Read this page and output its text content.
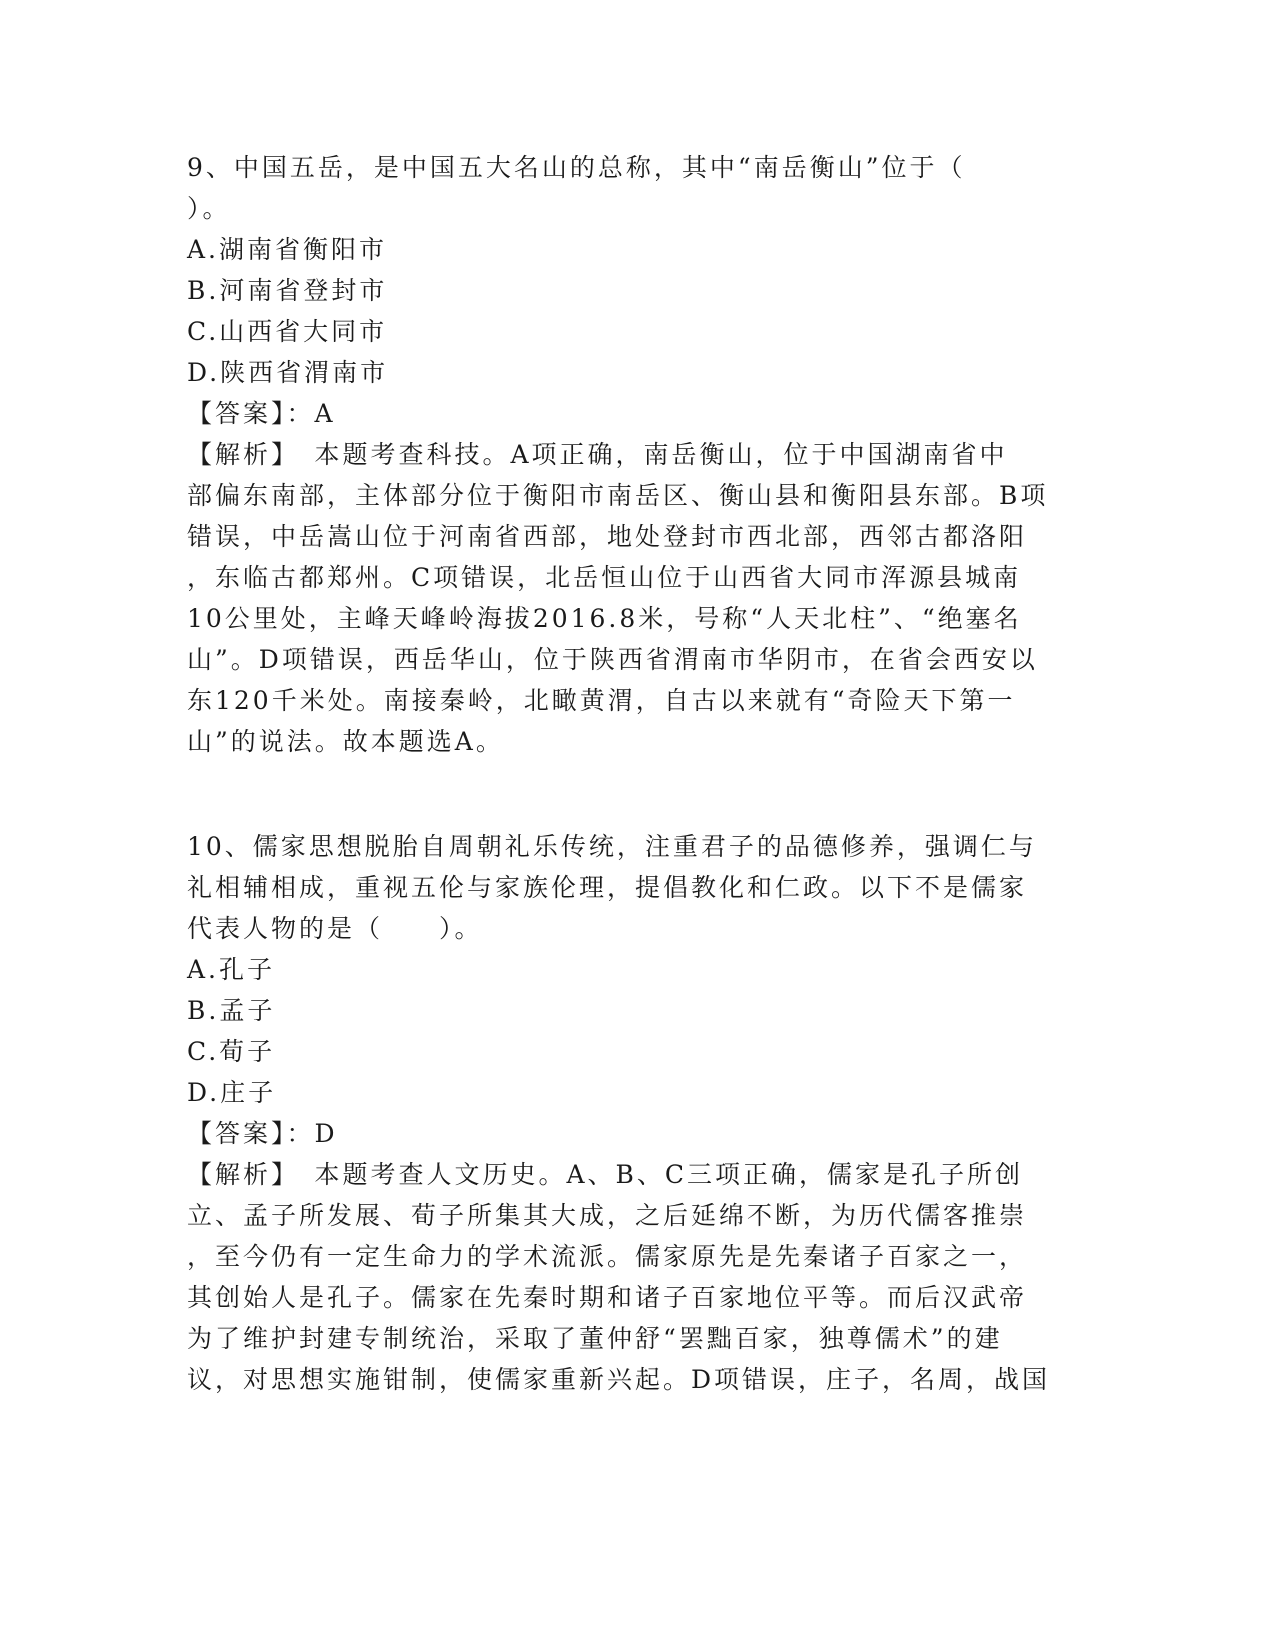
9、中国五岳，是中国五大名山的总称，其中“南岳衡山”位于（
）。
A.湖南省衡阳市
B.河南省登封市
C.山西省大同市
D.陕西省渭南市
【答案】：A
【解析】　本题考查科技。A项正确，南岳衡山，位于中国湖南省中
部偏东南部，主体部分位于衡阳市南岳区、衡山县和衡阳县东部。B项
错误，中岳嵩山位于河南省西部，地处登封市西北部，西邻古都洛阳
，东临古都郑州。C项错误，北岳恒山位于山西省大同市浑源县城南
10公里处，主峰天峰岭海拔2016.8米，号称“人天北柱”、“绝塞名
山”。D项错误，西岳华山，位于陕西省渭南市华阴市，在省会西安以
东120千米处。南接秦岭，北瞰黄渭，自古以来就有“奇险天下第一
山”的说法。故本题选A。
10、儒家思想脱胎自周朝礼乐传统，注重君子的品德修养，强调仁与
礼相辅相成，重视五伦与家族伦理，提倡教化和仁政。以下不是儒家
代表人物的是（　　）。
A.孔子
B.孟子
C.荀子
D.庄子
【答案】：D
【解析】　本题考查人文历史。A、B、C三项正确，儒家是孔子所创
立、孟子所发展、荀子所集其大成，之后延绵不断，为历代儒客推崇
，至今仍有一定生命力的学术流派。儒家原先是先秦诸子百家之一，
其创始人是孔子。儒家在先秦时期和诸子百家地位平等。而后汉武帝
为了维护封建专制统治，采取了董仲舒“罢黜百家，独尊儒术”的建
议，对思想实施钳制，使儒家重新兴起。D项错误，庄子，名周，战国
